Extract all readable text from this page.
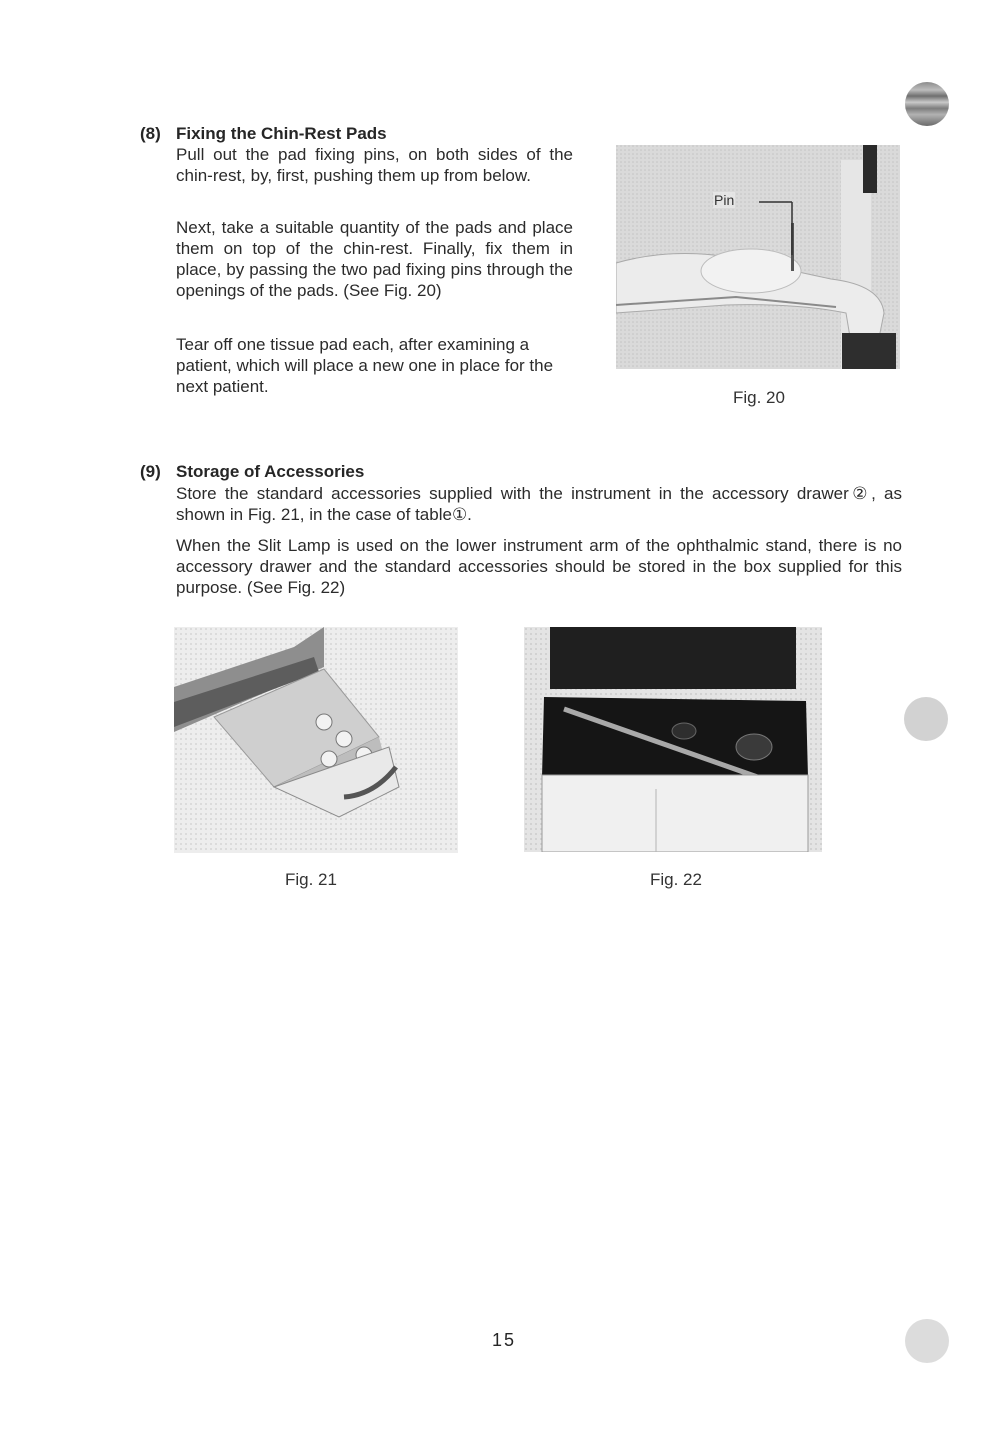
(8) Fixing the Chin-Rest Pads

Pull out the pad fixing pins, on both sides of the chin-rest, by, first, pushing them up from below.

Next, take a suitable quantity of the pads and place them on top of the chin-rest. Finally, fix them in place, by passing the two pad fixing pins through the openings of the pads. (See Fig. 20)

Tear off one tissue pad each, after examining a patient, which will place a new one in place for the next patient.

Pin
Fig. 20
(9) Storage of Accessories

Store the standard accessories supplied with the instrument in the accessory drawer②, as shown in Fig. 21, in the case of table①.

When the Slit Lamp is used on the lower instrument arm of the ophthalmic stand, there is no accessory drawer and the standard accessories should be stored in the box supplied for this purpose. (See Fig. 22)

Fig. 21	Fig. 22
15
